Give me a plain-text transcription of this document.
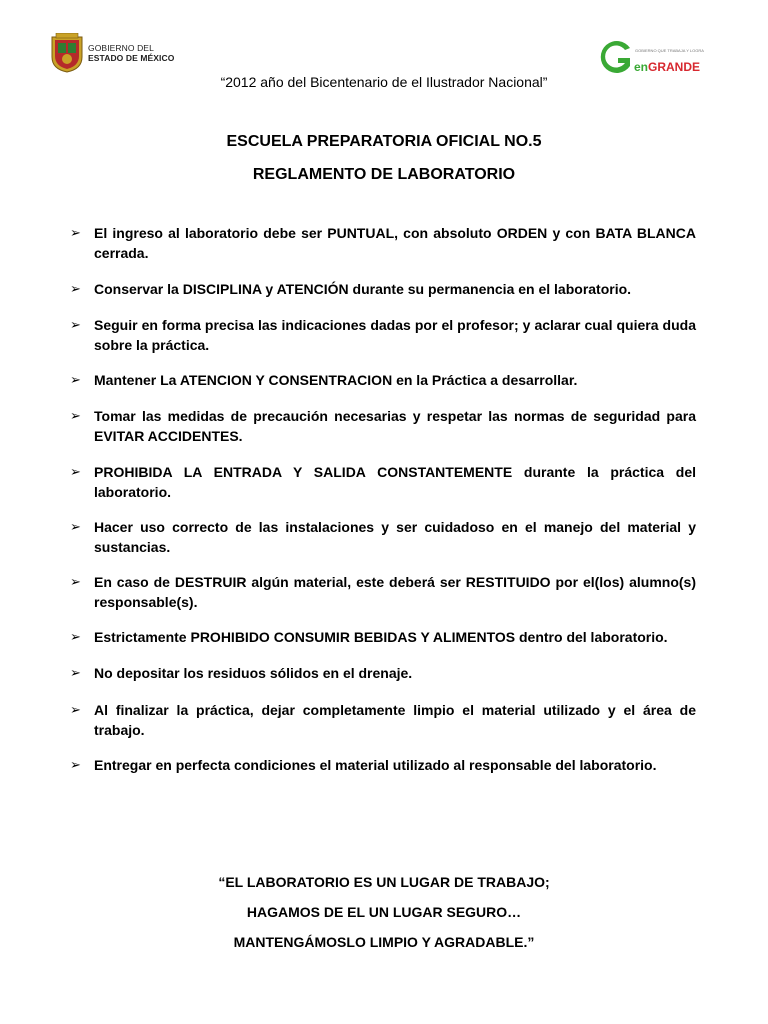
GOBIERNO DEL
ESTADO DE MÉXICO
GOBIERNO QUE TRABAJA Y LOGRA
enGRANDE
“2012 año del Bicentenario de el Ilustrador Nacional”
ESCUELA PREPARATORIA OFICIAL NO.5
REGLAMENTO DE LABORATORIO
➢ El ingreso al laboratorio debe ser PUNTUAL, con absoluto ORDEN y con BATA BLANCA cerrada.
➢ Conservar la DISCIPLINA y ATENCIÓN durante su permanencia en el laboratorio.
➢ Seguir en forma precisa las indicaciones dadas por el profesor; y aclarar cual quiera duda sobre la práctica.
➢ Mantener La ATENCION Y CONSENTRACION en la Práctica a desarrollar.
➢ Tomar las medidas de precaución necesarias y respetar las normas de seguridad para EVITAR ACCIDENTES.
➢ PROHIBIDA LA ENTRADA Y SALIDA CONSTANTEMENTE durante la práctica del laboratorio.
➢ Hacer uso correcto de las instalaciones y ser cuidadoso en el manejo del material y sustancias.
➢ En caso de DESTRUIR algún material, este deberá ser RESTITUIDO por el(los) alumno(s) responsable(s).
➢ Estrictamente PROHIBIDO CONSUMIR BEBIDAS Y ALIMENTOS dentro del laboratorio.
➢ No depositar los residuos sólidos en el drenaje.
➢ Al finalizar la práctica, dejar completamente limpio el material utilizado y el área de trabajo.
➢ Entregar en perfecta condiciones el material utilizado al responsable del laboratorio.
“EL LABORATORIO ES UN LUGAR DE TRABAJO;
HAGAMOS DE EL UN LUGAR SEGURO…
MANTENGÁMOSLO LIMPIO Y AGRADABLE.”
